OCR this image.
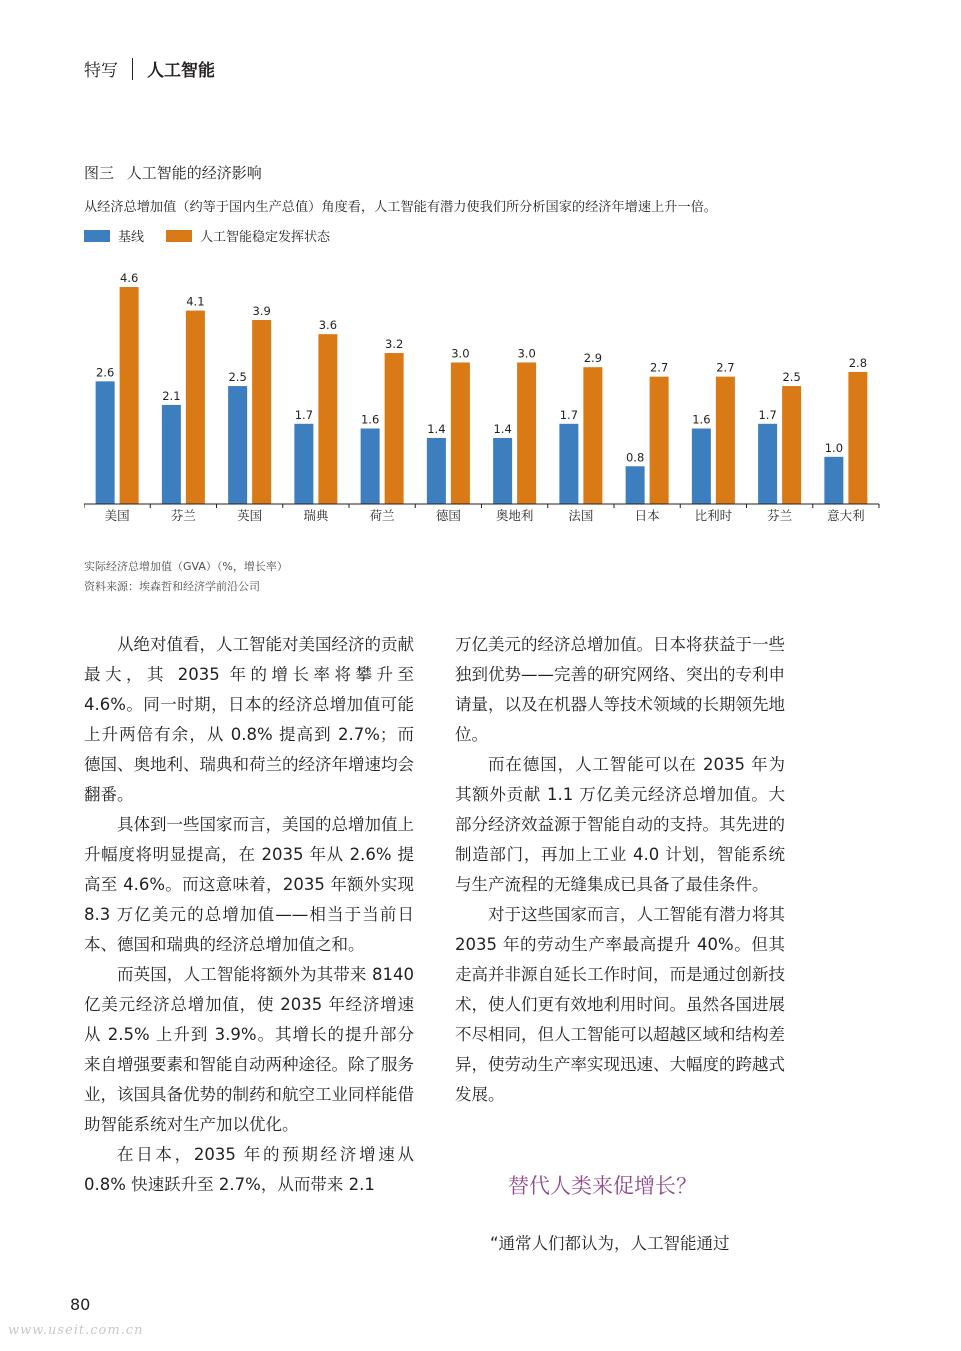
特写 人工智能
图三 人工智能的经济影响
从经济总增加值（约等于国内生产总值）角度看，人工智能有潜力使我们所分析国家的经济年增速上升一倍。
基线	人工智能稳定发挥状态
2.6
4.6
美国
2.1
4.1
芬兰
2.5
3.9
英国
1.7
3.6
瑞典
1.6
3.2
荷兰
1.4
3.0
德国
1.4
3.0
奥地利
1.7
2.9
法国
0.8
2.7
日本
1.6
2.7
比利时
1.7
2.5
芬兰
1.0
2.8
意大利
实际经济总增加值（GVA）（%，增长率）
资料来源：埃森哲和经济学前沿公司

从绝对值看，人工智能对美国经济的贡献最大，其 2035 年的增长率将攀升至 4.6%。同一时期，日本的经济总增加值可能上升两倍有余，从 0.8% 提高到 2.7%；而德国、奥地利、瑞典和荷兰的经济年增速均会翻番。

具体到一些国家而言，美国的总增加值上升幅度将明显提高，在 2035 年从 2.6% 提高至 4.6%。而这意味着，2035 年额外实现 8.3 万亿美元的总增加值——相当于当前日本、德国和瑞典的经济总增加值之和。

而英国，人工智能将额外为其带来 8140 亿美元经济总增加值，使 2035 年经济增速从 2.5% 上升到 3.9%。其增长的提升部分来自增强要素和智能自动两种途径。除了服务业，该国具备优势的制药和航空工业同样能借助智能系统对生产加以优化。

在日本，2035 年的预期经济增速从 0.8% 快速跃升至 2.7%，从而带来 2.1

万亿美元的经济总增加值。日本将获益于一些独到优势——完善的研究网络、突出的专利申请量，以及在机器人等技术领域的长期领先地位。

而在德国，人工智能可以在 2035 年为其额外贡献 1.1 万亿美元经济总增加值。大部分经济效益源于智能自动的支持。其先进的制造部门，再加上工业 4.0 计划，智能系统与生产流程的无缝集成已具备了最佳条件。

对于这些国家而言，人工智能有潜力将其 2035 年的劳动生产率最高提升 40%。但其走高并非源自延长工作时间，而是通过创新技术，使人们更有效地利用时间。虽然各国进展不尽相同，但人工智能可以超越区域和结构差异，使劳动生产率实现迅速、大幅度的跨越式发展。

替代人类来促增长？
“通常人们都认为，人工智能通过
80
www.useit.com.cn
